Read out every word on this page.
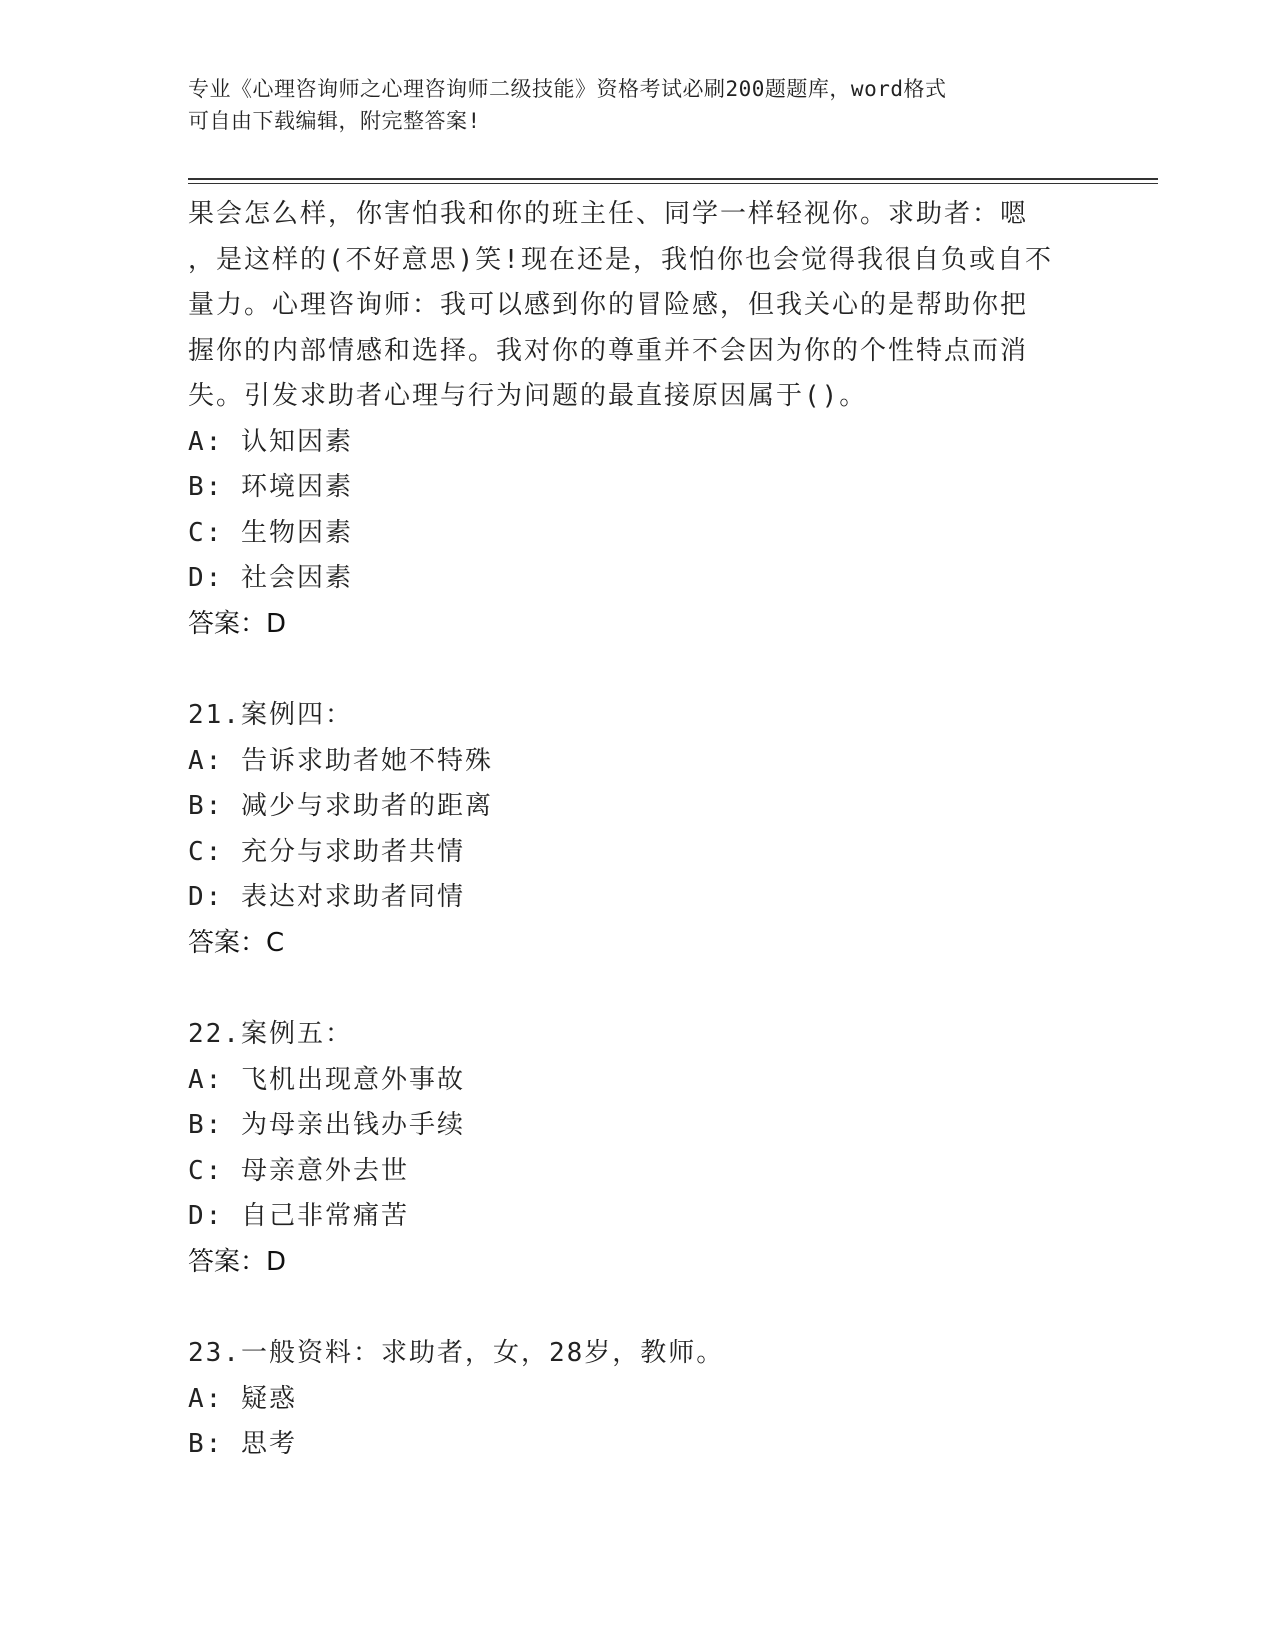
专业《心理咨询师之心理咨询师二级技能》资格考试必刷200题题库，word格式
可自由下载编辑，附完整答案!
果会怎么样，你害怕我和你的班主任、同学一样轻视你。求助者：嗯
，是这样的(不好意思)笑!现在还是，我怕你也会觉得我很自负或自不
量力。心理咨询师：我可以感到你的冒险感，但我关心的是帮助你把
握你的内部情感和选择。我对你的尊重并不会因为你的个性特点而消
失。引发求助者心理与行为问题的最直接原因属于()。
A: 认知因素
B: 环境因素
C: 生物因素
D: 社会因素
答案：D
21.案例四：
A: 告诉求助者她不特殊
B: 减少与求助者的距离
C: 充分与求助者共情
D: 表达对求助者同情
答案：C
22.案例五：
A: 飞机出现意外事故
B: 为母亲出钱办手续
C: 母亲意外去世
D: 自己非常痛苦
答案：D
23.一般资料：求助者，女，28岁，教师。
A: 疑惑
B: 思考
